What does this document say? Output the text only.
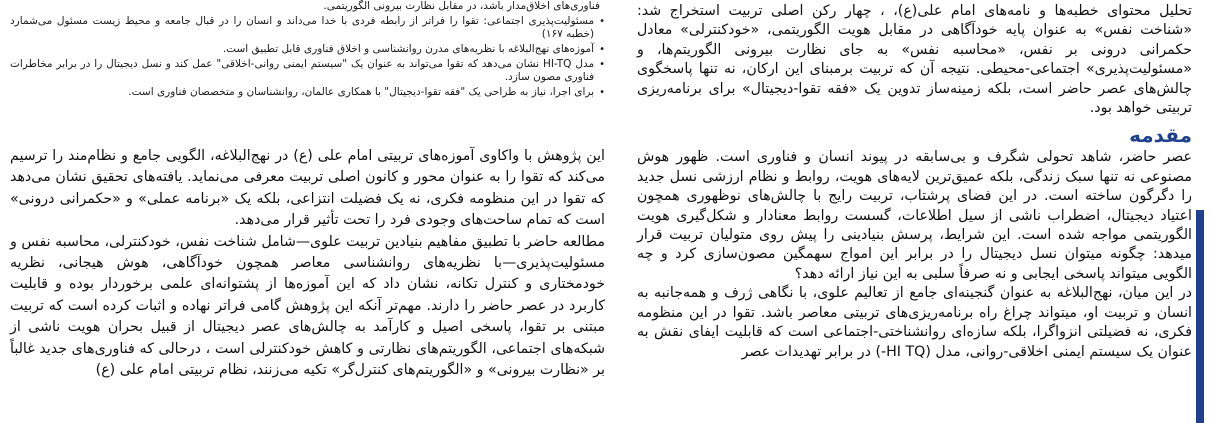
فناوری‌های اخلاق‌مدار باشد، در مقابل نظارت بیرونی الگوریتمی.
•
مسئولیت‌پذیری اجتماعی: تقوا را فراتر از رابطه فردی با خدا می‌داند و انسان را در قبال جامعه و محیط زیست مسئول می‌شمارد (خطبه ۱۶۷)
•
آموزه‌های نهج‌البلاغه با نظریه‌های مدرن روانشناسی و اخلاق فناوری قابل تطبیق است.
•
مدل HI-TQ نشان می‌دهد که تقوا می‌تواند به عنوان یک "سیستم ایمنی روانی-اخلاقی" عمل کند و نسل دیجیتال را در برابر مخاطرات فناوری مصون سازد.
•
برای اجرا، نیاز به طراحی یک "فقه تقوا-دیجیتال" با همکاری عالمان، روانشناسان و متخصصان فناوری است.

این پژوهش با واکاوی آموزه‌های تربیتی امام علی (ع) در نهج‌البلاغه، الگویی جامع و نظام‌مند را ترسیم می‌کند که تقوا را به عنوان محور و کانون اصلی تربیت معرفی می‌نماید. یافته‌های تحقیق نشان می‌دهد که تقوا در این منظومه فکری، نه یک فضیلت انتزاعی، بلکه یک «برنامه عملی» و «حکمرانی درونی» است که تمام ساحت‌های وجودی فرد را تحت تأثیر قرار می‌دهد.

مطالعه حاضر با تطبیق مفاهیم بنیادین تربیت علوی—شامل شناخت نفس، خودکنترلی، محاسبه نفس و مسئولیت‌پذیری—با نظریه‌های روانشناسی معاصر همچون خودآگاهی، هوش هیجانی، نظریه خودمختاری و کنترل تکانه، نشان داد که این آموزه‌ها از پشتوانه‌ای علمی برخوردار بوده و قابلیت کاربرد در عصر حاضر را دارند. مهم‌تر آنکه این پژوهش گامی فراتر نهاده و اثبات کرده است که تربیت مبتنی بر تقوا، پاسخی اصیل و کارآمد به چالش‌های عصر دیجیتال از قبیل بحران هویت ناشی از شبکه‌های اجتماعی، الگوریتم‌های نظارتی و کاهش خودکنترلی است ، درحالی که فناوری‌های جدید غالباً بر «نظارت بیرونی» و «الگوریتم‌های کنترل‌گر» تکیه می‌زنند، نظام تربیتی امام علی (ع)

تحلیل محتوای خطبه‌ها و نامه‌های امام علی(ع)، ، چهار رکن اصلی تربیت استخراج شد: «شناخت نفس» به عنوان پایه خودآگاهی در مقابل هویت الگوریتمی، «خودکنترلی» معادل حکمرانی درونی بر نفس، «محاسبه نفس» به جای نظارت بیرونی الگوریتم‌ها، و «مسئولیت‌پذیری» اجتماعی-محیطی. نتیجه آن که تربیت برمبنای این ارکان، نه تنها پاسخگوی چالش‌های عصر حاضر است، بلکه زمینه‌ساز تدوین یک «فقه تقوا-دیجیتال» برای برنامه‌ریزی تربیتی خواهد بود.

مقدمه

عصر حاضر، شاهد تحولی شگرف و بی‌سابقه در پیوند انسان و فناوری است. ظهور هوش مصنوعی نه تنها سبک زندگی، بلکه عمیق‌ترین لایه‌های هویت، روابط و نظام ارزشی نسل جدید را دگرگون ساخته است. در این فضای پرشتاب، تربیت رایج با چالش‌های نوظهوری همچون اعتیاد دیجیتال، اضطراب ناشی از سیل اطلاعات، گسست روابط معنادار و شکل‌گیری هویت الگوریتمی مواجه شده است. این شرایط، پرسش بنیادینی را پیش روی متولیان تربیت قرار میدهد: چگونه میتوان نسل دیجیتال را در برابر این امواج سهمگین مصون‌سازی کرد و چه الگویی میتواند پاسخی ایجابی و نه صرفاً سلبی به این نیاز ارائه دهد؟

در این میان، نهج‌البلاغه به عنوان گنجینه‌ای جامع از تعالیم علوی، با نگاهی ژرف و همه‌جانبه به انسان و تربیت او، میتواند چراغ راه برنامه‌ریزی‌های تربیتی معاصر باشد. تقوا در این منظومه فکری، نه فضیلتی انزواگرا، بلکه سازه‌ای روانشناختی-اجتماعی است که قابلیت ایفای نقش به عنوان یک سیستم ایمنی اخلاقی-روانی، مدل (HI TQ-) در برابر تهدیدات عصر
